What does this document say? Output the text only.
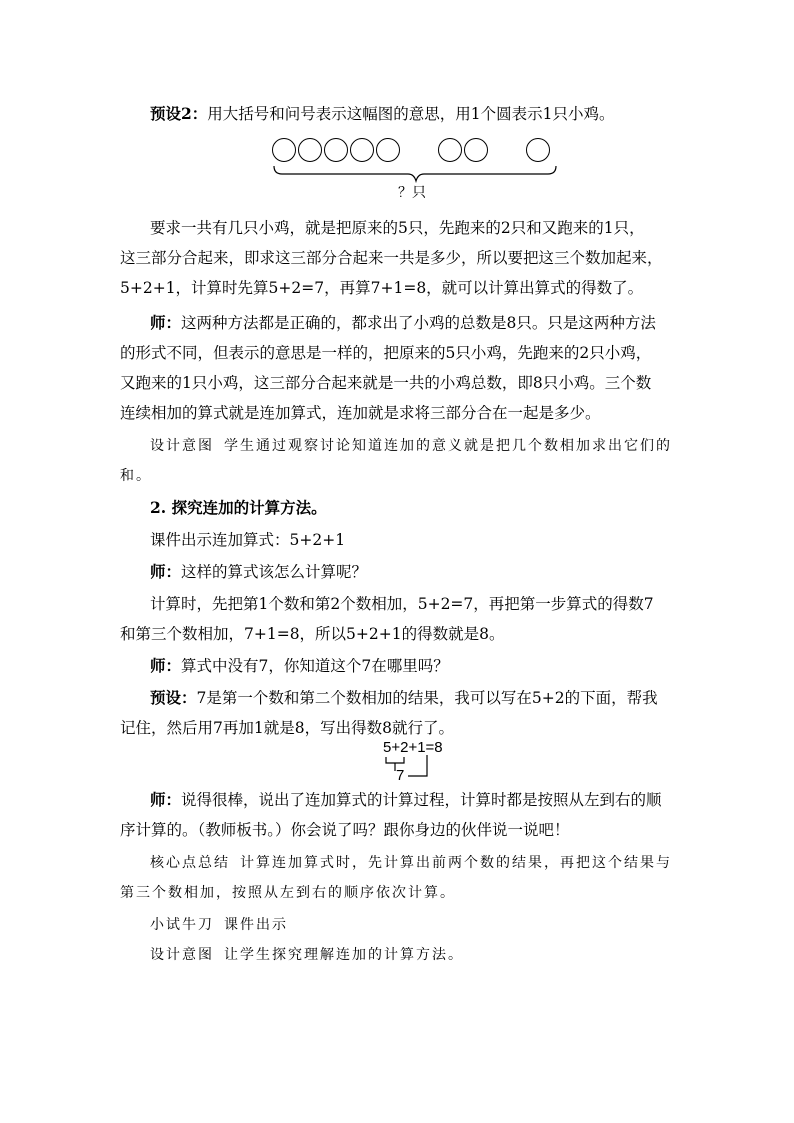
预设2：用大括号和问号表示这幅图的意思，用1个圆表示1只小鸡。
？只
要求一共有几只小鸡，就是把原来的5只，先跑来的2只和又跑来的1只，
这三部分合起来，即求这三部分合起来一共是多少，所以要把这三个数加起来，
5+2+1，计算时先算5+2=7，再算7+1=8，就可以计算出算式的得数了。
师：这两种方法都是正确的，都求出了小鸡的总数是8只。只是这两种方法
的形式不同，但表示的意思是一样的，把原来的5只小鸡，先跑来的2只小鸡，
又跑来的1只小鸡，这三部分合起来就是一共的小鸡总数，即8只小鸡。三个数
连续相加的算式就是连加算式，连加就是求将三部分合在一起是多少。
设计意图 学生通过观察讨论知道连加的意义就是把几个数相加求出它们的
和。
2. 探究连加的计算方法。
课件出示连加算式：5+2+1
师：这样的算式该怎么计算呢？
计算时，先把第1个数和第2个数相加，5+2=7，再把第一步算式的得数7
和第三个数相加，7+1=8，所以5+2+1的得数就是8。
师：算式中没有7，你知道这个7在哪里吗？
预设：7是第一个数和第二个数相加的结果，我可以写在5+2的下面，帮我
记住，然后用7再加1就是8，写出得数8就行了。
5+2+1=8
7
师：说得很棒，说出了连加算式的计算过程，计算时都是按照从左到右的顺
序计算的。（教师板书。）你会说了吗？跟你身边的伙伴说一说吧！
核心点总结 计算连加算式时，先计算出前两个数的结果，再把这个结果与
第三个数相加，按照从左到右的顺序依次计算。
小试牛刀 课件出示
设计意图 让学生探究理解连加的计算方法。
